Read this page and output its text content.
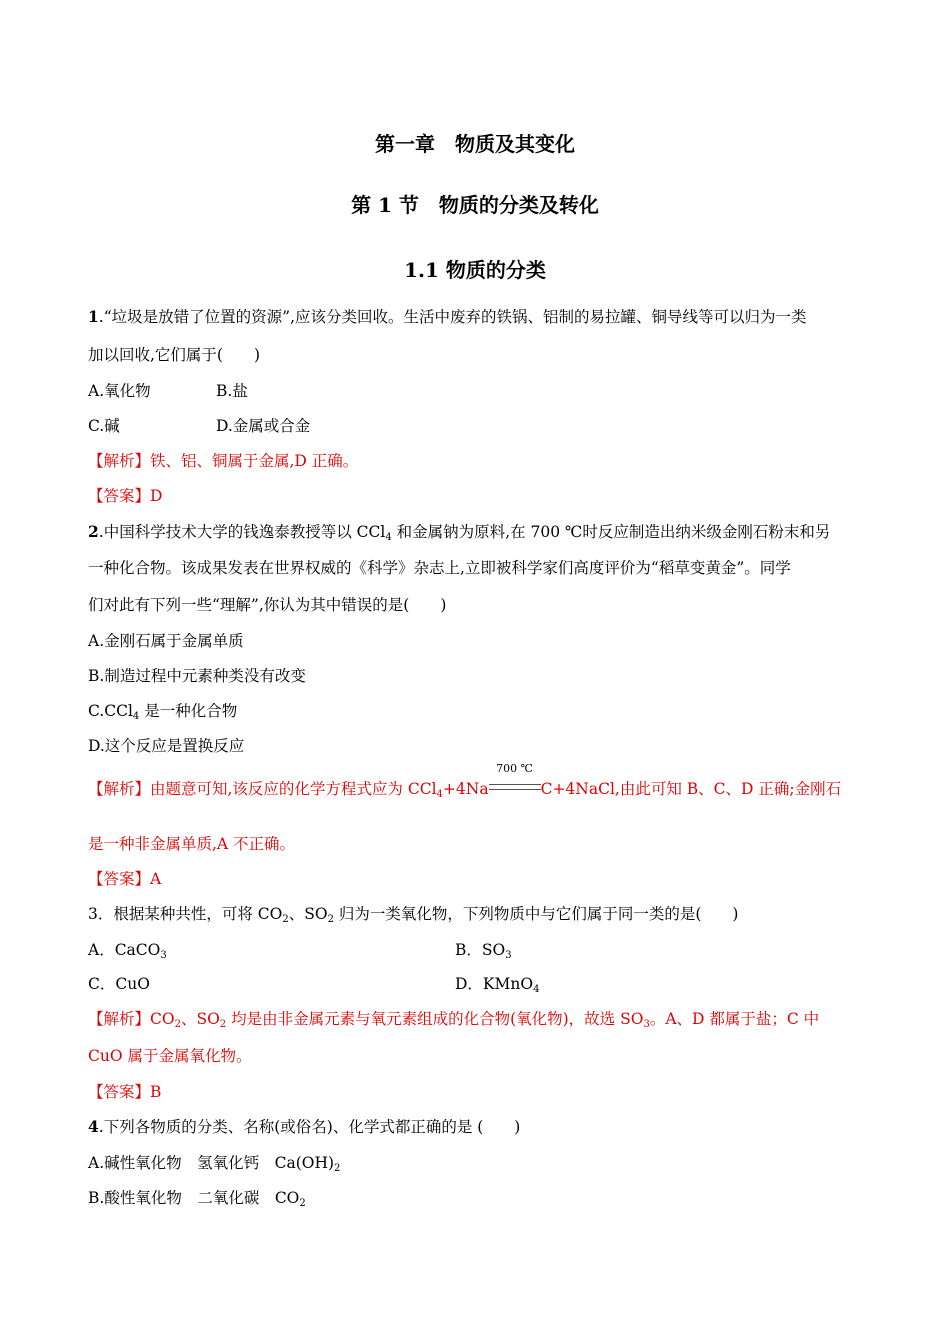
第一章　物质及其变化
第 1 节　物质的分类及转化
1.1 物质的分类
1.“垃圾是放错了位置的资源”,应该分类回收。生活中废弃的铁锅、铝制的易拉罐、铜导线等可以归为一类
加以回收,它们属于(　　)
A.氧化物	B.盐
C.碱	D.金属或合金
【解析】铁、铝、铜属于金属,D 正确。
【答案】D
2.中国科学技术大学的钱逸泰教授等以 CCl$_4$ 和金属钠为原料,在 700 ℃时反应制造出纳米级金刚石粉末和另
一种化合物。该成果发表在世界权威的《科学》杂志上,立即被科学家们高度评价为“稻草变黄金”。同学
们对此有下列一些“理解”,你认为其中错误的是(　　)
A.金刚石属于金属单质
B.制造过程中元素种类没有改变
C.CCl$_4$ 是一种化合物
D.这个反应是置换反应
【解析】由题意可知,该反应的化学方程式应为 CCl$_4$+4Na
700 ℃
C+4NaCl,由此可知 B、C、D 正确;金刚石
是一种非金属单质,A 不正确。
【答案】A
3．根据某种共性，可将 $CO_2$、$SO_2$ 归为一类氧化物，下列物质中与它们属于同一类的是(　　)
A．CaCO$_3$	B．$SO_3$
C．CuO	D．KMnO$_4$
【解析】$CO_2$、$SO_2$ 均是由非金属元素与氧元素组成的化合物(氧化物)，故选 $SO_3$。A、D 都属于盐；C 中
CuO 属于金属氧化物。
【答案】B
4.下列各物质的分类、名称(或俗名)、化学式都正确的是 (　　)
A.碱性氧化物　氢氧化钙　$Ca(OH)_2$
B.酸性氧化物　二氧化碳　$CO_2$
